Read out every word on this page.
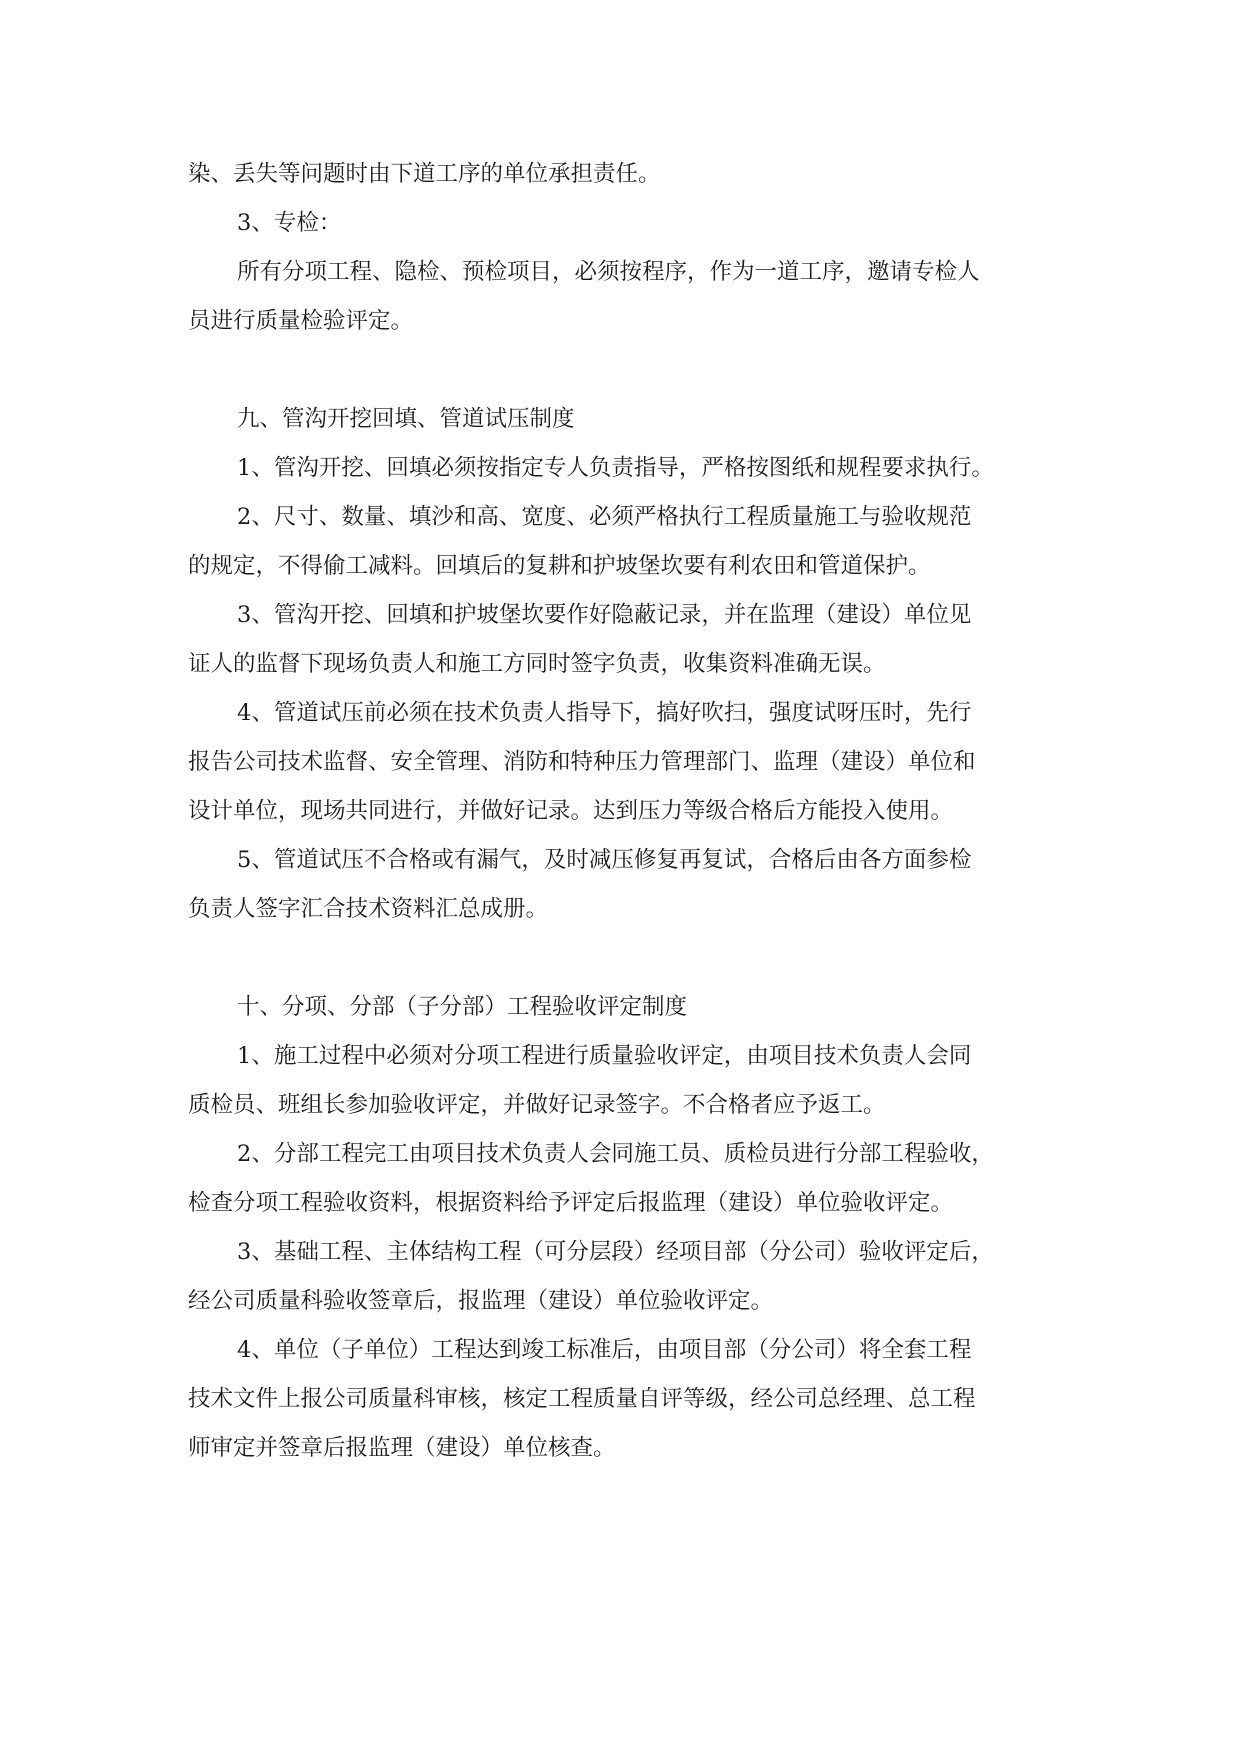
染、丢失等问题时由下道工序的单位承担责任。
3、专检：
所有分项工程、隐检、预检项目，必须按程序，作为一道工序，邀请专检人
员进行质量检验评定。
九、管沟开挖回填、管道试压制度
1、管沟开挖、回填必须按指定专人负责指导，严格按图纸和规程要求执行。
2、尺寸、数量、填沙和高、宽度、必须严格执行工程质量施工与验收规范
的规定，不得偷工减料。回填后的复耕和护坡堡坎要有利农田和管道保护。
3、管沟开挖、回填和护坡堡坎要作好隐蔽记录，并在监理（建设）单位见
证人的监督下现场负责人和施工方同时签字负责，收集资料准确无误。
4、管道试压前必须在技术负责人指导下，搞好吹扫，强度试呀压时，先行
报告公司技术监督、安全管理、消防和特种压力管理部门、监理（建设）单位和
设计单位，现场共同进行，并做好记录。达到压力等级合格后方能投入使用。
5、管道试压不合格或有漏气，及时减压修复再复试，合格后由各方面参检
负责人签字汇合技术资料汇总成册。
十、分项、分部（子分部）工程验收评定制度
1、施工过程中必须对分项工程进行质量验收评定，由项目技术负责人会同
质检员、班组长参加验收评定，并做好记录签字。不合格者应予返工。
2、分部工程完工由项目技术负责人会同施工员、质检员进行分部工程验收，
检查分项工程验收资料，根据资料给予评定后报监理（建设）单位验收评定。
3、基础工程、主体结构工程（可分层段）经项目部（分公司）验收评定后，
经公司质量科验收签章后，报监理（建设）单位验收评定。
4、单位（子单位）工程达到竣工标准后，由项目部（分公司）将全套工程
技术文件上报公司质量科审核，核定工程质量自评等级，经公司总经理、总工程
师审定并签章后报监理（建设）单位核查。
